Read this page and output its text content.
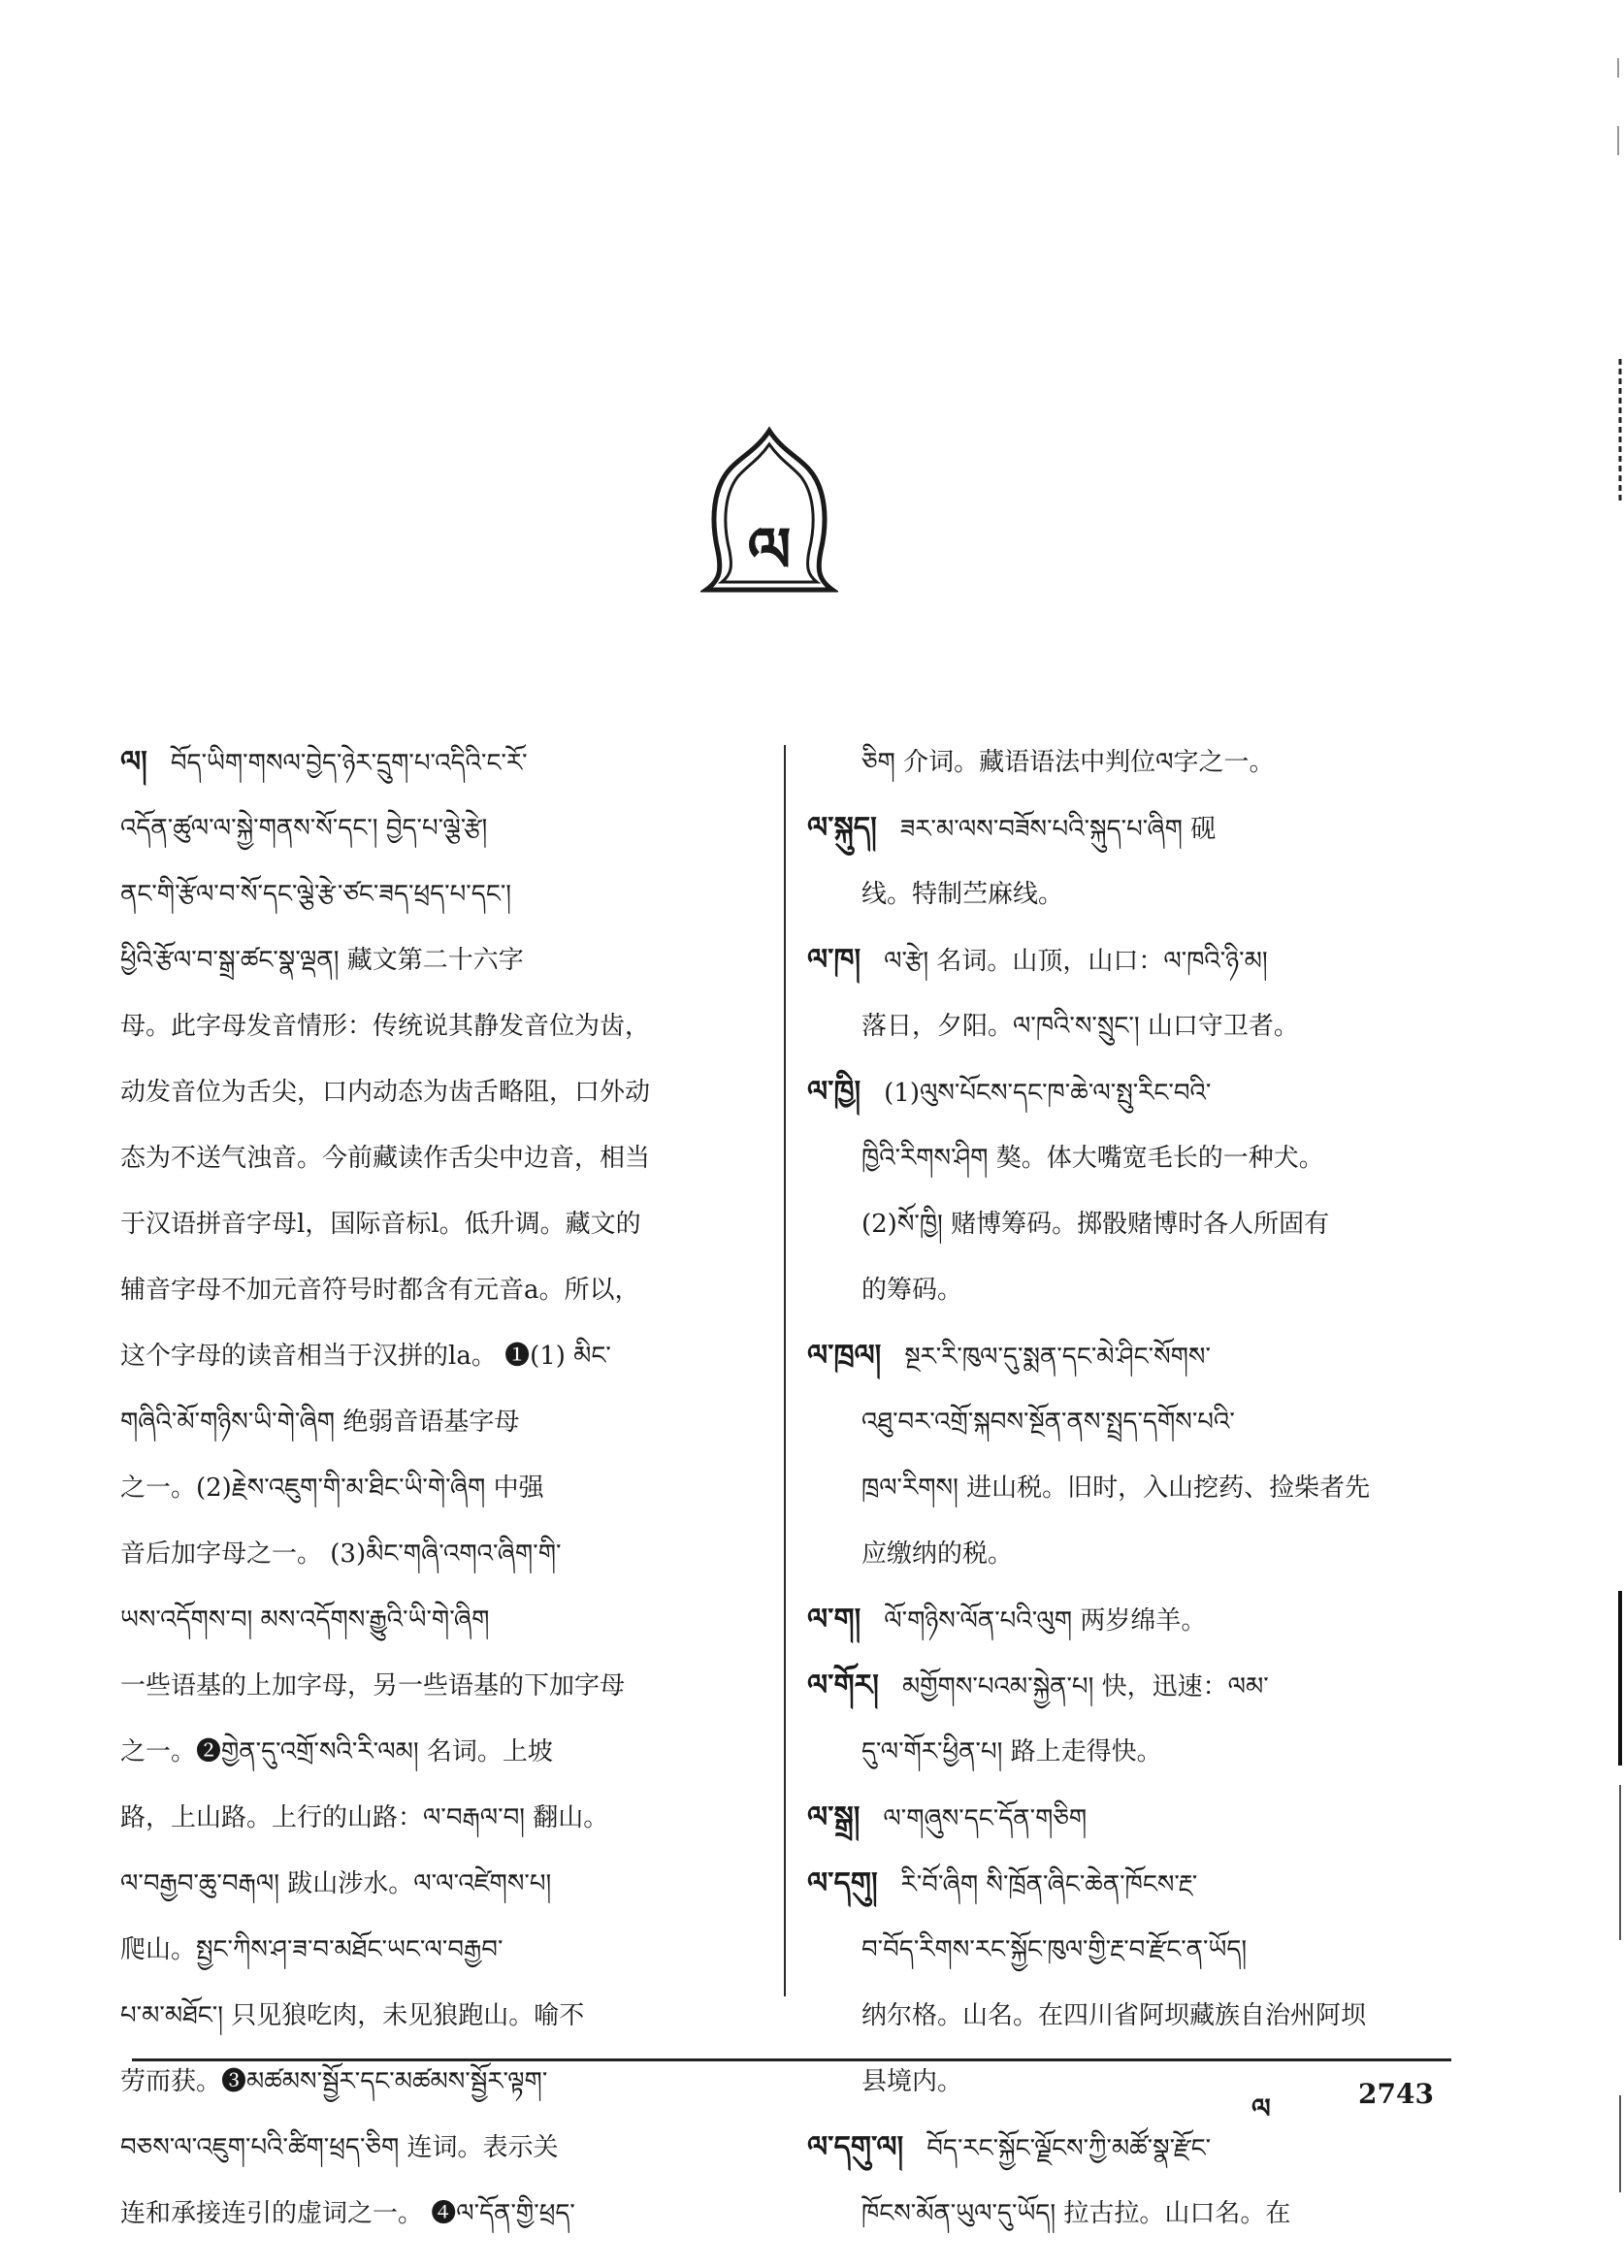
ལ
ལ། བོད་ཡིག་གསལ་བྱེད་ཉེར་དྲུག་པ་འདིའི་ང་རོ་
འདོན་ཚུལ་ལ་སྐྱེ་གནས་སོ་དང་། བྱེད་པ་ལྕེ་རྩེ།
ནང་གི་རྩོལ་བ་སོ་དང་ལྕེ་རྩེ་ཙང་ཟད་ཕྲད་པ་དང་།
ཕྱིའི་རྩོལ་བ་སྒྲ་ཚང་སྣ་ལྡན། 藏文第二十六字
母。此字母发音情形：传统说其静发音位为齿，
动发音位为舌尖，口内动态为齿舌略阻，口外动
态为不送气浊音。今前藏读作舌尖中边音，相当
于汉语拼音字母l，国际音标l。低升调。藏文的
辅音字母不加元音符号时都含有元音a。所以，
这个字母的读音相当于汉拼的la。 ❶(1) མིང་
གཞིའི་མོ་གཉིས་ཡི་གེ་ཞིག 绝弱音语基字母
之一。(2)རྗེས་འཇུག་གི་མ་ཐིང་ཡི་གེ་ཞིག 中强
音后加字母之一。 (3)མིང་གཞི་འགའ་ཞིག་གི་
ཡས་འདོགས་བ། མས་འདོགས་རྒྱུའི་ཡི་གེ་ཞིག
一些语基的上加字母，另一些语基的下加字母
之一。❷གྱེན་དུ་འགྲོ་སའི་རི་ལམ། 名词。上坡
路，上山路。上行的山路：ལ་བརྒལ་བ། 翻山。
ལ་བརྒྱབ་ཆུ་བརྒལ། 跋山涉水。ལ་ལ་འཛེགས་པ།
爬山。སྤྱང་ཀིས་ཤ་ཟ་བ་མཐོང་ཡང་ལ་བརྒྱབ་
པ་མ་མཐོང་། 只见狼吃肉，未见狼跑山。喻不
劳而获。❸མཚམས་སྦྱོར་དང་མཚམས་སྦྱོར་ལྟག་
བཅས་ལ་འཇུག་པའི་ཚིག་ཕྲད་ཅིག 连词。表示关
连和承接连引的虚词之一。 ❹ལ་དོན་གྱི་ཕྲད་
ཅིག 介词。藏语语法中判位ལ字之一。
ལ་སྐུད། ཟར་མ་ལས་བཟོས་པའི་སྐུད་པ་ཞིག 砚
线。特制苎麻线。
ལ་ཁ། ལ་རྩེ། 名词。山顶，山口：ལ་ཁའི་ཉི་མ།
落日，夕阳。ལ་ཁའི་ས་སྲུང་། 山口守卫者。
ལ་ཁྱི། (1)ལུས་པོངས་དང་ཁ་ཆེ་ལ་སྤུ་རིང་བའི་
ཁྱིའི་རིགས་ཤིག 獒。体大嘴宽毛长的一种犬。
(2)སོ་ཁྱི། 赌博筹码。掷骰赌博时各人所固有
的筹码。
ལ་ཁྲལ། སྔར་རི་ཁུལ་དུ་སྨན་དང་མེ་ཤིང་སོགས་
འཐུ་བར་འགྲོ་སྐབས་སྔོན་ནས་སྤྲད་དགོས་པའི་
ཁྲལ་རིགས། 进山税。旧时，入山挖药、捡柴者先
应缴纳的税。
ལ་ག། ལོ་གཉིས་ལོན་པའི་ལུག 两岁绵羊。
ལ་གོར། མགྱོགས་པའམ་སྐྱེན་པ། 快，迅速：ལམ་
དུ་ལ་གོར་ཕྱིན་པ། 路上走得快。
ལ་སྒྲ། ལ་གཞུས་དང་དོན་གཅིག
ལ་དགུ། རི་བོ་ཞིག སི་ཁྲོན་ཞིང་ཆེན་ཁོངས་རྔ་
བ་བོད་རིགས་རང་སྐྱོང་ཁུལ་གྱི་རྔ་བ་རྫོང་ན་ཡོད།
纳尔格。山名。在四川省阿坝藏族自治州阿坝
县境内。
ལ་དགུ་ལ། བོད་རང་སྐྱོང་ལྗོངས་ཀྱི་མཚོ་སྣ་རྫོང་
ཁོངས་མོན་ཡུལ་དུ་ཡོད། 拉古拉。山口名。在
ལ	2743
